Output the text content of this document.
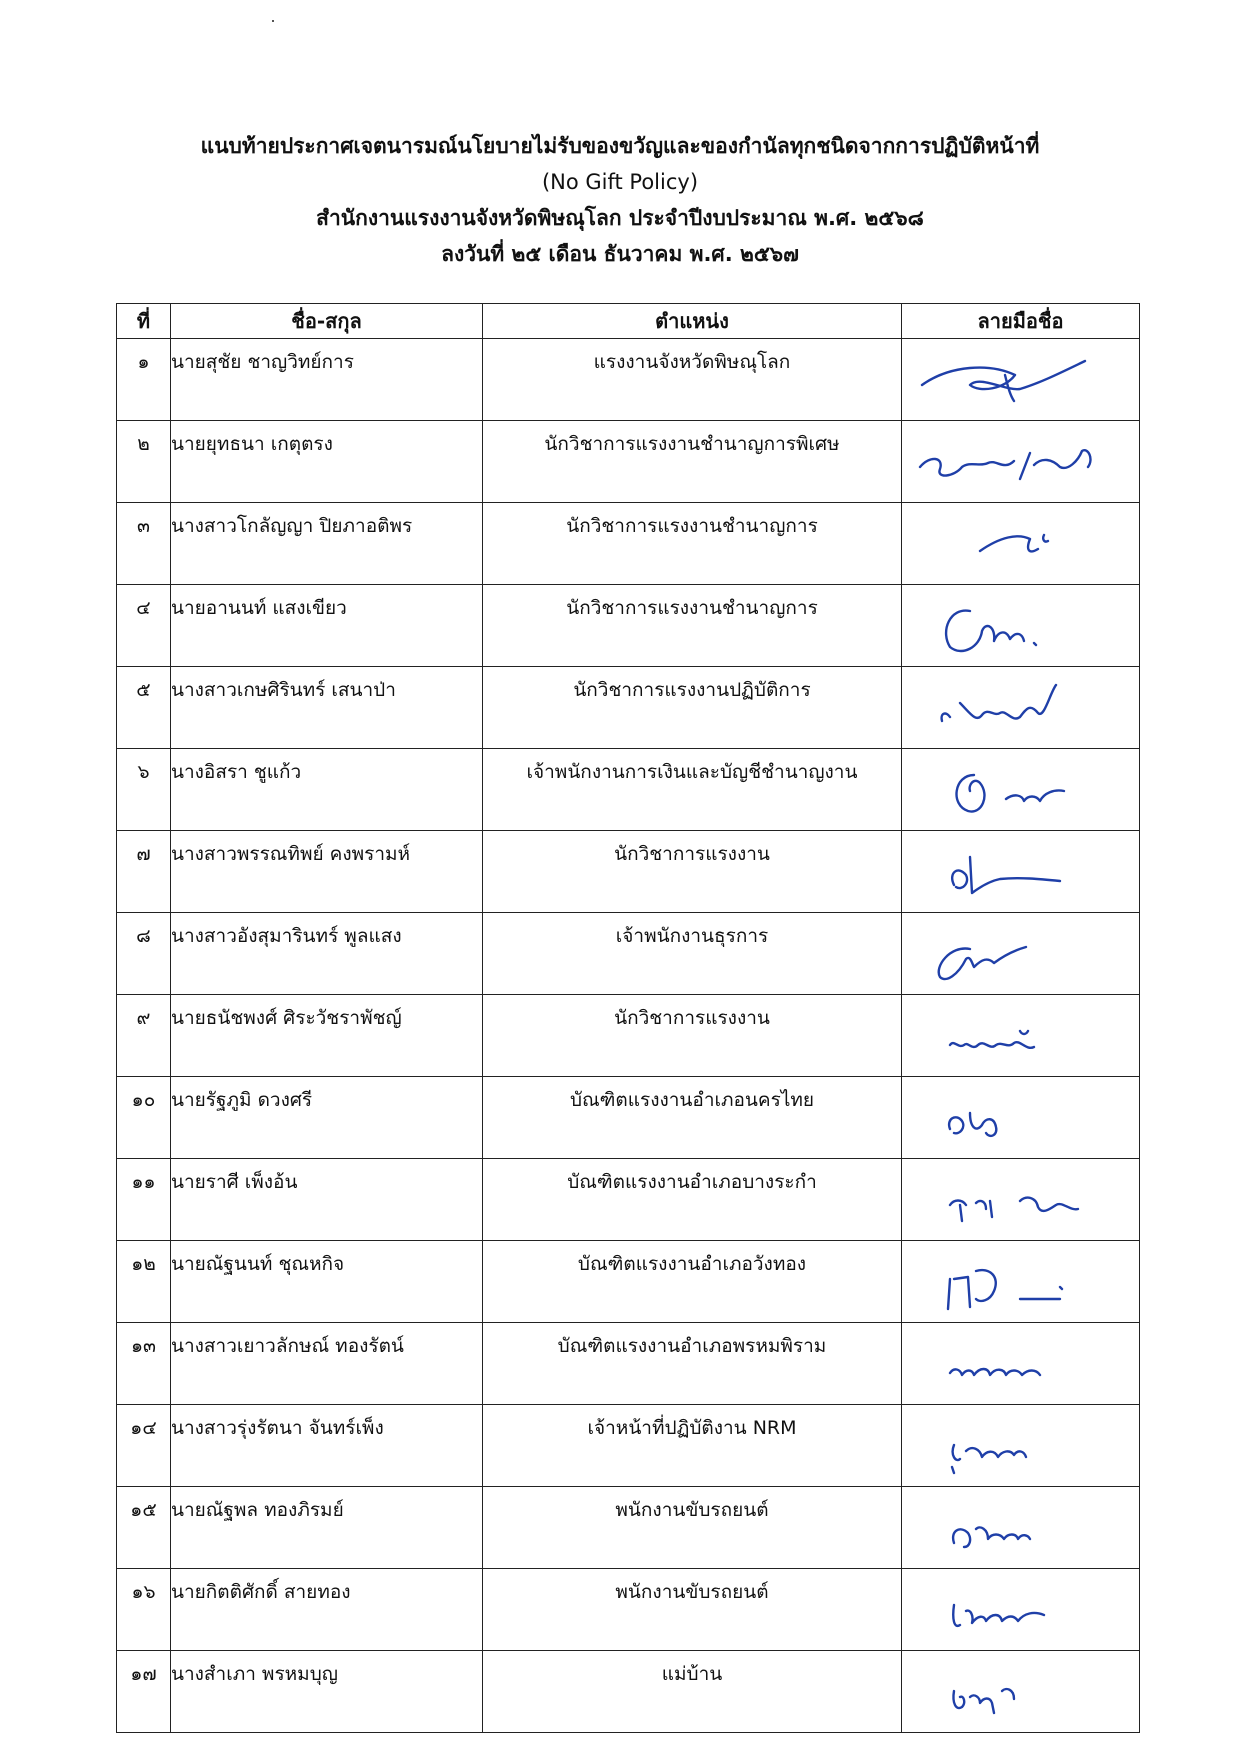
แนบท้ายประกาศเจตนารมณ์นโยบายไม่รับของขวัญและของกำนัลทุกชนิดจากการปฏิบัติหน้าที่
(No Gift Policy)
สำนักงานแรงงานจังหวัดพิษณุโลก ประจำปีงบประมาณ พ.ศ. ๒๕๖๘
ลงวันที่ ๒๕ เดือน ธันวาคม พ.ศ. ๒๕๖๗
ที่	ชื่อ-สกุล	ตำแหน่ง	ลายมือชื่อ
๑	นายสุชัย ชาญวิทย์การ	แรงงานจังหวัดพิษณุโลก	

๒	นายยุทธนา เกตุตรง	นักวิชาการแรงงานชำนาญการพิเศษ	

๓	นางสาวโกลัญญา ปิยภาอติพร	นักวิชาการแรงงานชำนาญการ	

๔	นายอานนท์ แสงเขียว	นักวิชาการแรงงานชำนาญการ	

๕	นางสาวเกษศิรินทร์ เสนาป่า	นักวิชาการแรงงานปฏิบัติการ	

๖	นางอิสรา ชูแก้ว	เจ้าพนักงานการเงินและบัญชีชำนาญงาน	

๗	นางสาวพรรณทิพย์ คงพรามห์	นักวิชาการแรงงาน	

๘	นางสาวอังสุมารินทร์ พูลแสง	เจ้าพนักงานธุรการ	

๙	นายธนัชพงศ์ ศิระวัชราพัชญ์	นักวิชาการแรงงาน	

๑๐	นายรัฐภูมิ ดวงศรี	บัณฑิตแรงงานอำเภอนครไทย	

๑๑	นายราศี เพ็งอ้น	บัณฑิตแรงงานอำเภอบางระกำ	

๑๒	นายณัฐนนท์ ชุณหกิจ	บัณฑิตแรงงานอำเภอวังทอง	

๑๓	นางสาวเยาวลักษณ์ ทองรัตน์	บัณฑิตแรงงานอำเภอพรหมพิราม	

๑๔	นางสาวรุ่งรัตนา จันทร์เพ็ง	เจ้าหน้าที่ปฏิบัติงาน NRM	

๑๕	นายณัฐพล ทองภิรมย์	พนักงานขับรถยนต์	

๑๖	นายกิตติศักดิ์ สายทอง	พนักงานขับรถยนต์	

๑๗	นางสำเภา พรหมบุญ	แม่บ้าน	
